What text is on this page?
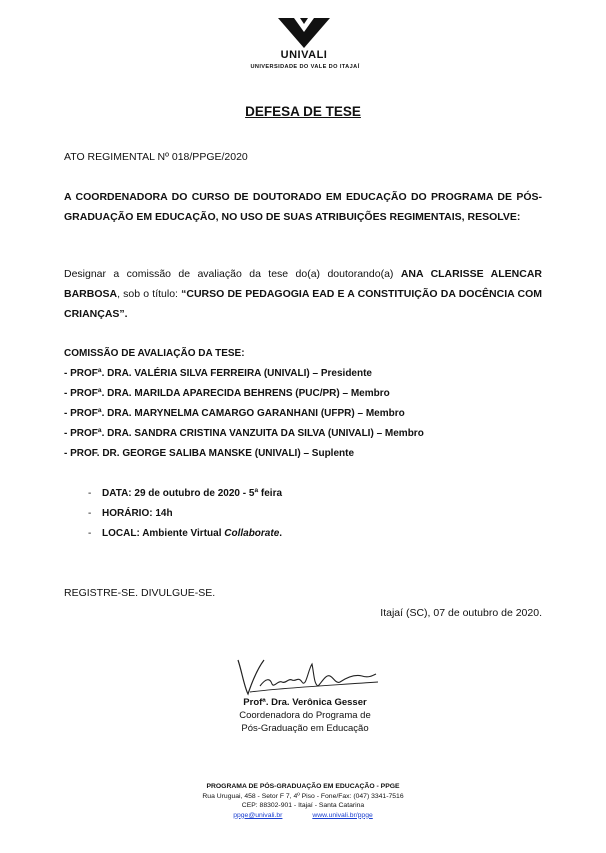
UNIVALI
UNIVERSIDADE DO VALE DO ITAJAÍ
DEFESA DE TESE
ATO REGIMENTAL Nº 018/PPGE/2020
A COORDENADORA DO CURSO DE DOUTORADO EM EDUCAÇÃO DO PROGRAMA DE PÓS-GRADUAÇÃO EM EDUCAÇÃO, NO USO DE SUAS ATRIBUIÇÕES REGIMENTAIS, RESOLVE:
Designar a comissão de avaliação da tese do(a) doutorando(a) ANA CLARISSE ALENCAR BARBOSA, sob o título: “CURSO DE PEDAGOGIA EAD E A CONSTITUIÇÃO DA DOCÊNCIA COM CRIANÇAS”.
COMISSÃO DE AVALIAÇÃO DA TESE:
- PROFª. DRA. VALÉRIA SILVA FERREIRA (UNIVALI) – Presidente
- PROFª. DRA. MARILDA APARECIDA BEHRENS (PUC/PR) – Membro
- PROFª. DRA. MARYNELMA CAMARGO GARANHANI (UFPR) – Membro
- PROFª. DRA. SANDRA CRISTINA VANZUITA DA SILVA (UNIVALI) – Membro
- PROF. DR. GEORGE SALIBA MANSKE (UNIVALI) – Suplente
- DATA: 29 de outubro de 2020 - 5ª feira
- HORÁRIO: 14h
- LOCAL: Ambiente Virtual Collaborate.
REGISTRE-SE. DIVULGUE-SE.
Itajaí (SC), 07 de outubro de 2020.
Profª. Dra. Verônica Gesser
Coordenadora do Programa de
Pós-Graduação em Educação
PROGRAMA DE PÓS-GRADUAÇÃO EM EDUCAÇÃO - PPGE
Rua Uruguai, 458 - Setor F 7, 4º Piso - Fone/Fax: (047) 3341-7516
CEP: 88302-901 - Itajaí - Santa Catarina
ppge@univali.br	www.univali.br/ppge
